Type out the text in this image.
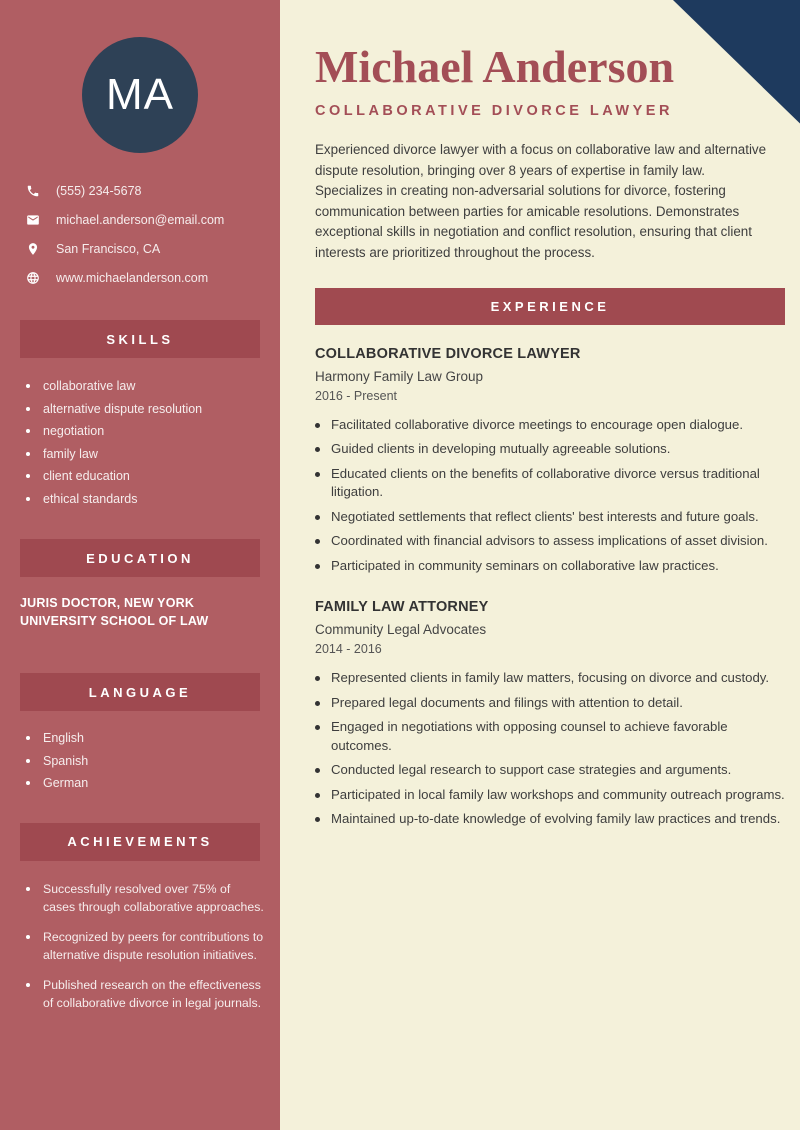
MA
(555) 234-5678
michael.anderson@email.com
San Francisco, CA
www.michaelanderson.com
SKILLS
collaborative law
alternative dispute resolution
negotiation
family law
client education
ethical standards
EDUCATION
JURIS DOCTOR, NEW YORK UNIVERSITY SCHOOL OF LAW
LANGUAGE
English
Spanish
German
ACHIEVEMENTS
Successfully resolved over 75% of cases through collaborative approaches.
Recognized by peers for contributions to alternative dispute resolution initiatives.
Published research on the effectiveness of collaborative divorce in legal journals.
Michael Anderson
COLLABORATIVE DIVORCE LAWYER

Experienced divorce lawyer with a focus on collaborative law and alternative dispute resolution, bringing over 8 years of expertise in family law. Specializes in creating non-adversarial solutions for divorce, fostering communication between parties for amicable resolutions. Demonstrates exceptional skills in negotiation and conflict resolution, ensuring that client interests are prioritized throughout the process.

EXPERIENCE
COLLABORATIVE DIVORCE LAWYER
Harmony Family Law Group
2016 - Present
Facilitated collaborative divorce meetings to encourage open dialogue.
Guided clients in developing mutually agreeable solutions.
Educated clients on the benefits of collaborative divorce versus traditional litigation.
Negotiated settlements that reflect clients' best interests and future goals.
Coordinated with financial advisors to assess implications of asset division.
Participated in community seminars on collaborative law practices.
FAMILY LAW ATTORNEY
Community Legal Advocates
2014 - 2016
Represented clients in family law matters, focusing on divorce and custody.
Prepared legal documents and filings with attention to detail.
Engaged in negotiations with opposing counsel to achieve favorable outcomes.
Conducted legal research to support case strategies and arguments.
Participated in local family law workshops and community outreach programs.
Maintained up-to-date knowledge of evolving family law practices and trends.
